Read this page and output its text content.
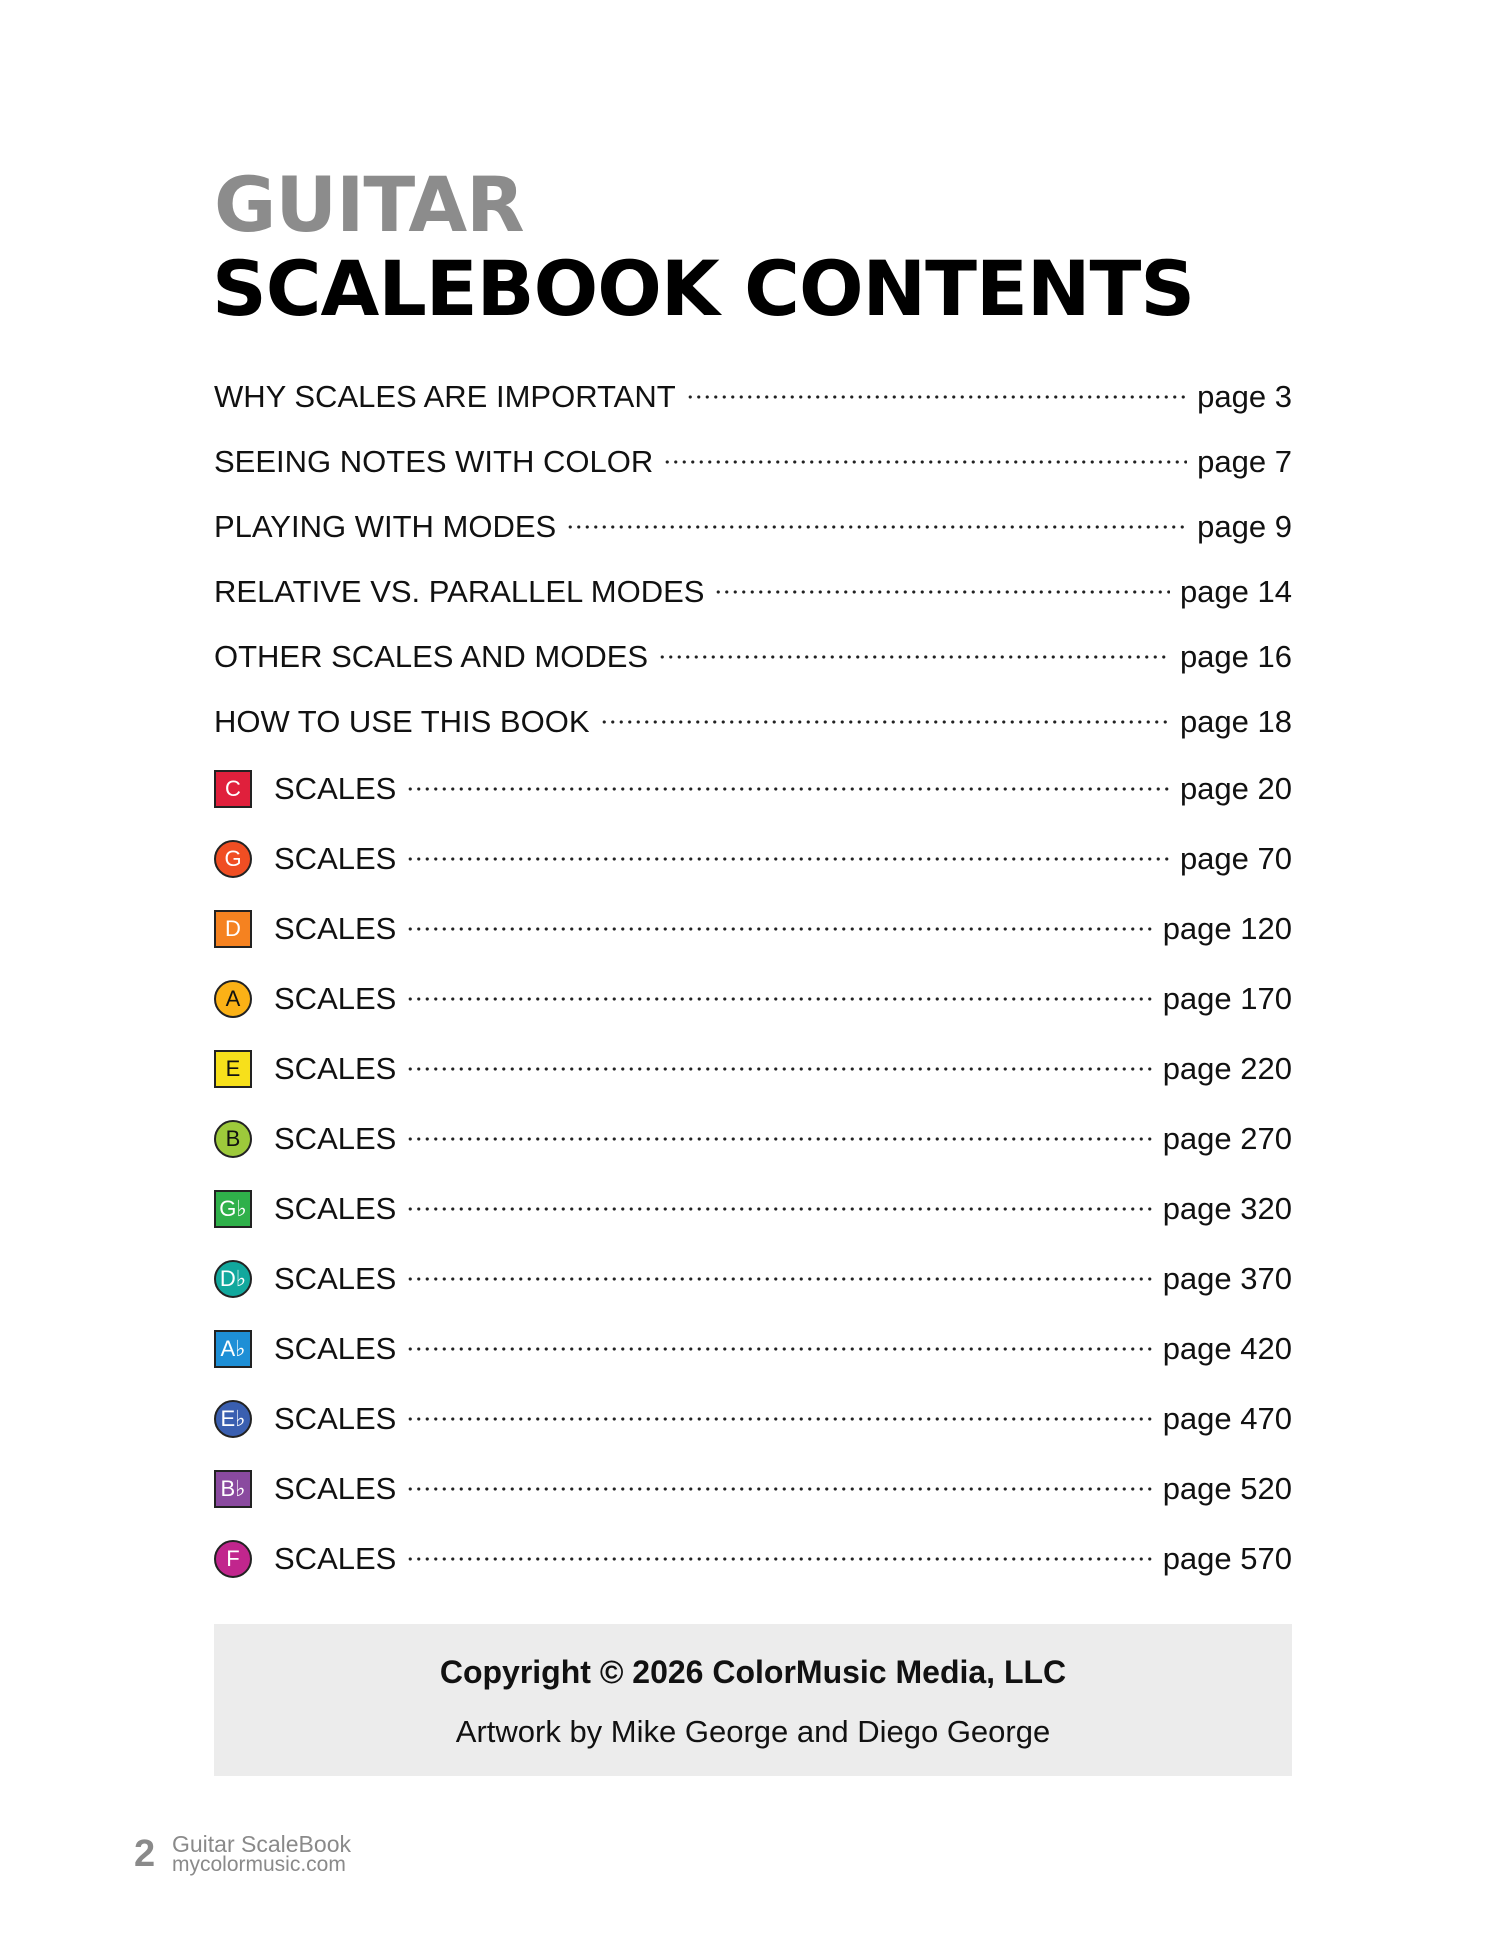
GUITAR
SCALEBOOK CONTENTS
WHY SCALES ARE IMPORTANT	page 3
SEEING NOTES WITH COLOR	page 7
PLAYING WITH MODES	page 9
RELATIVE VS. PARALLEL MODES	page 14
OTHER SCALES AND MODES	page 16
HOW TO USE THIS BOOK	page 18
C	SCALES	page 20
G	SCALES	page 70
D	SCALES	page 120
A	SCALES	page 170
E	SCALES	page 220
B	SCALES	page 270
G♭ SCALES	page 320
D♭ SCALES	page 370
A♭ SCALES	page 420
E♭ SCALES	page 470
B♭ SCALES	page 520
F	SCALES	page 570
Copyright © 2026 ColorMusic Media, LLC
Artwork by Mike George and Diego George
2 Guitar ScaleBook
mycolormusic.com
